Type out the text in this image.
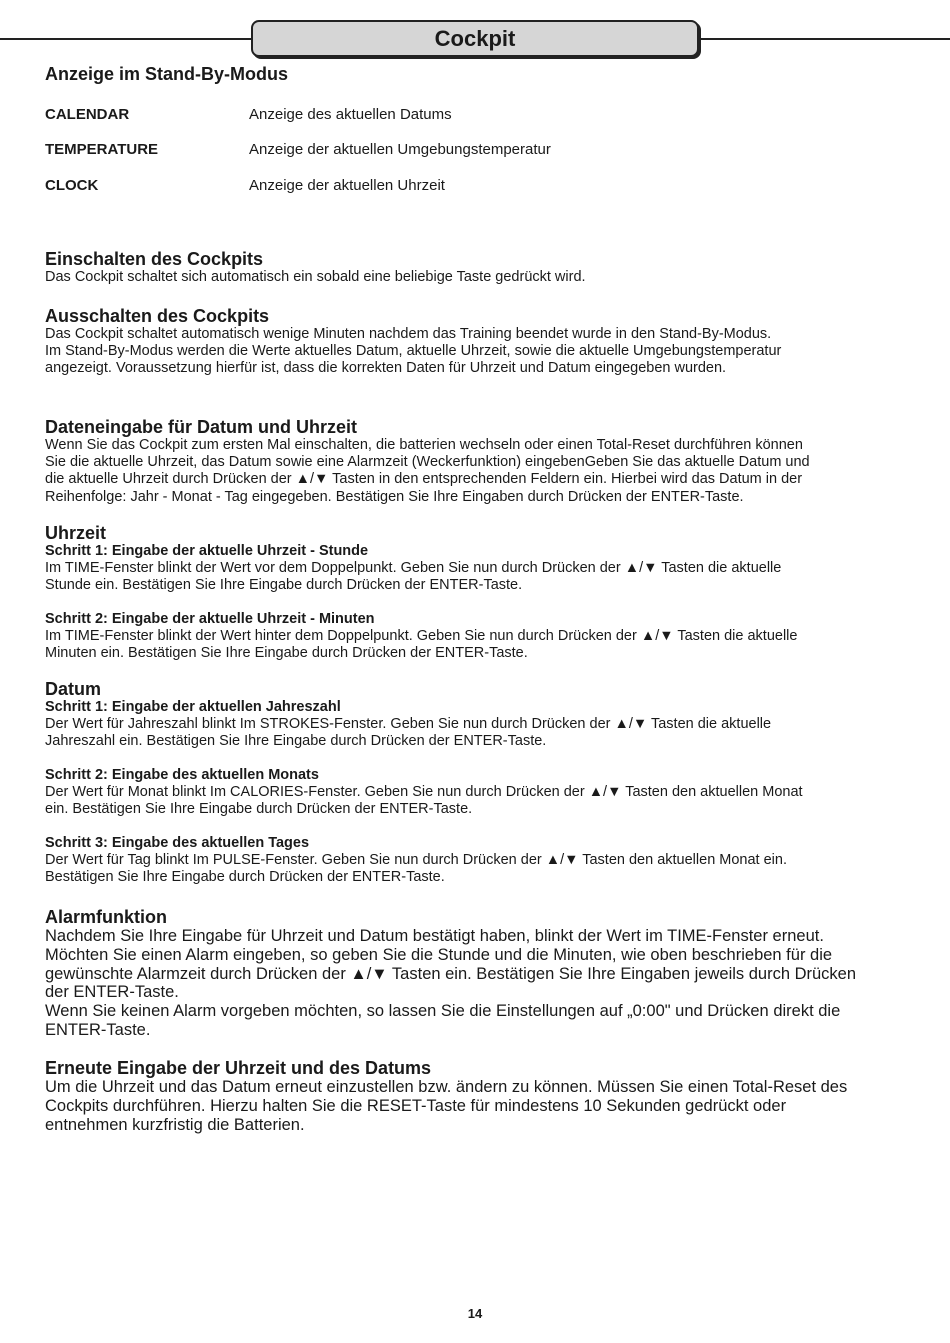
Cockpit
Anzeige im Stand-By-Modus
CALENDAR	Anzeige des aktuellen Datums
TEMPERATURE	Anzeige der aktuellen Umgebungstemperatur
CLOCK	Anzeige der aktuellen Uhrzeit

Einschalten des Cockpits

Das Cockpit schaltet sich automatisch ein sobald eine beliebige Taste gedrückt wird.

Ausschalten des Cockpits

Das Cockpit schaltet automatisch wenige Minuten nachdem das Training beendet wurde in den Stand-By-Modus.

Im Stand-By-Modus werden die Werte aktuelles Datum, aktuelle Uhrzeit, sowie die aktuelle Umgebungstemperatur

angezeigt. Voraussetzung hierfür ist, dass die korrekten Daten für Uhrzeit und Datum eingegeben wurden.

Dateneingabe für Datum und Uhrzeit

Wenn Sie das Cockpit zum ersten Mal einschalten, die batterien wechseln oder einen Total-Reset durchführen können

Sie die aktuelle Uhrzeit, das Datum sowie eine Alarmzeit (Weckerfunktion) eingebenGeben Sie das aktuelle Datum und

die aktuelle Uhrzeit durch Drücken der ▲/▼ Tasten in den entsprechenden Feldern ein. Hierbei wird das Datum in der

Reihenfolge: Jahr - Monat - Tag eingegeben. Bestätigen Sie Ihre Eingaben durch Drücken der ENTER-Taste.

Uhrzeit

Schritt 1: Eingabe der aktuelle Uhrzeit - Stunde

Im TIME-Fenster blinkt der Wert vor dem Doppelpunkt. Geben Sie nun durch Drücken der ▲/▼ Tasten die aktuelle

Stunde ein. Bestätigen Sie Ihre Eingabe durch Drücken der ENTER-Taste.

Schritt 2: Eingabe der aktuelle Uhrzeit - Minuten

Im TIME-Fenster blinkt der Wert hinter dem Doppelpunkt. Geben Sie nun durch Drücken der ▲/▼ Tasten die aktuelle

Minuten ein. Bestätigen Sie Ihre Eingabe durch Drücken der ENTER-Taste.

Datum

Schritt 1: Eingabe der aktuellen Jahreszahl

Der Wert für Jahreszahl blinkt Im STROKES-Fenster. Geben Sie nun durch Drücken der ▲/▼ Tasten die aktuelle

Jahreszahl ein. Bestätigen Sie Ihre Eingabe durch Drücken der ENTER-Taste.

Schritt 2: Eingabe des aktuellen Monats

Der Wert für Monat blinkt Im CALORIES-Fenster. Geben Sie nun durch Drücken der ▲/▼ Tasten den aktuellen Monat

ein. Bestätigen Sie Ihre Eingabe durch Drücken der ENTER-Taste.

Schritt 3: Eingabe des aktuellen Tages

Der Wert für Tag blinkt Im PULSE-Fenster. Geben Sie nun durch Drücken der ▲/▼ Tasten den aktuellen Monat ein.

Bestätigen Sie Ihre Eingabe durch Drücken der ENTER-Taste.

Alarmfunktion

Nachdem Sie Ihre Eingabe für Uhrzeit und Datum bestätigt haben, blinkt der Wert im TIME-Fenster erneut.

Möchten Sie einen Alarm eingeben, so geben Sie die Stunde und die Minuten, wie oben beschrieben für die

gewünschte Alarmzeit durch Drücken der ▲/▼ Tasten ein. Bestätigen Sie Ihre Eingaben jeweils durch Drücken

der ENTER-Taste.

Wenn Sie keinen Alarm vorgeben möchten, so lassen Sie die Einstellungen auf „0:00" und Drücken direkt die

ENTER-Taste.

Erneute Eingabe der Uhrzeit und des Datums

Um die Uhrzeit und das Datum erneut einzustellen bzw. ändern zu können. Müssen Sie einen Total-Reset des

Cockpits durchführen. Hierzu halten Sie die RESET-Taste für mindestens 10 Sekunden gedrückt oder

entnehmen kurzfristig die Batterien.

14
